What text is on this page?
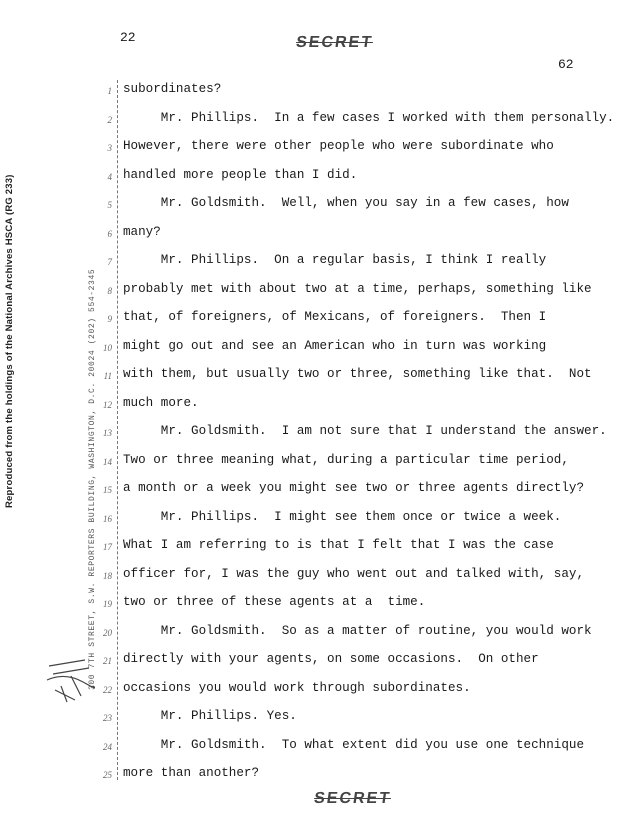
Reproduced from the holdings of the National Archives HSCA (RG 233)	300 7TH STREET, S.W. REPORTERS BUILDING, WASHINGTON, D.C. 20024 (202) 554-2345
22	SECRET
62
1 subordinates?
2 Mr. Phillips.  In a few cases I worked with them personally.
3 However, there were other people who were subordinate who
4 handled more people than I did.
5 Mr. Goldsmith.  Well, when you say in a few cases, how
6 many?
7 Mr. Phillips.  On a regular basis, I think I really
8 probably met with about two at a time, perhaps, something like
9 that, of foreigners, of Mexicans, of foreigners.  Then I
10 might go out and see an American who in turn was working
11 with them, but usually two or three, something like that.  Not
12 much more.
13 Mr. Goldsmith.  I am not sure that I understand the answer.
14 Two or three meaning what, during a particular time period,
15 a month or a week you might see two or three agents directly?
16 Mr. Phillips.  I might see them once or twice a week.
17 What I am referring to is that I felt that I was the case
18 officer for, I was the guy who went out and talked with, say,
19 two or three of these agents at a  time.
20 Mr. Goldsmith.  So as a matter of routine, you would work
21 directly with your agents, on some occasions.  On other
22 occasions you would work through subordinates.
23 Mr. Phillips. Yes.
24 Mr. Goldsmith.  To what extent did you use one technique
25 more than another?
SECRET
